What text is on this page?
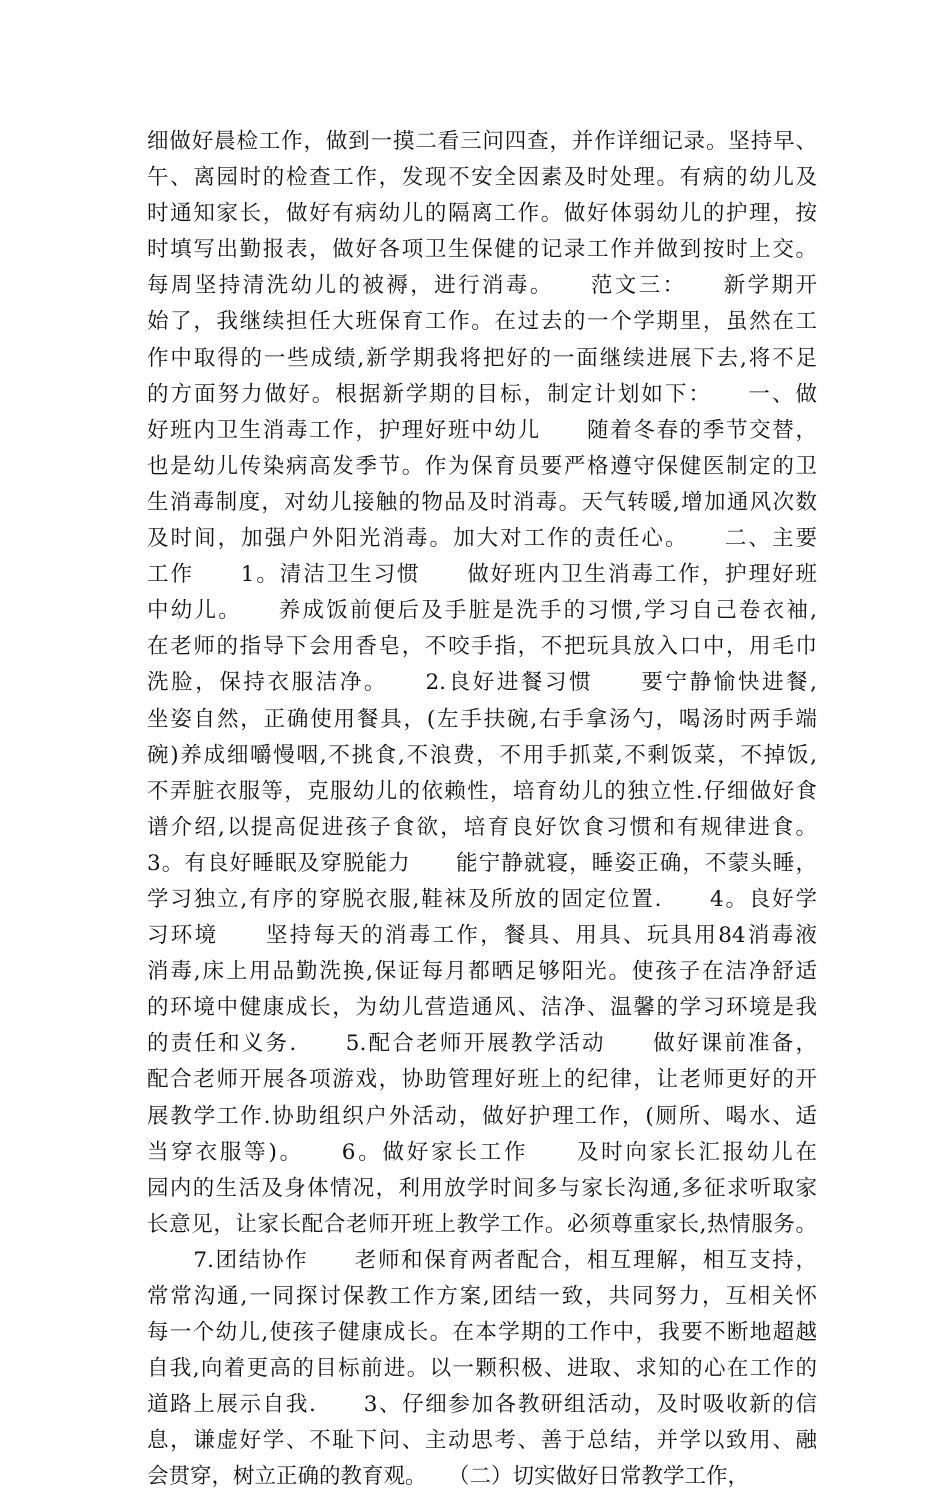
细做好晨检工作，做到一摸二看三问四查，并作详细记录。坚持早、
午、离园时的检查工作，发现不安全因素及时处理。有病的幼儿及
时通知家长，做好有病幼儿的隔离工作。做好体弱幼儿的护理，按
时填写出勤报表，做好各项卫生保健的记录工作并做到按时上交。
每周坚持清洗幼儿的被褥，进行消毒。　　范文三：　　新学期开
始了，我继续担任大班保育工作。在过去的一个学期里，虽然在工
作中取得的一些成绩,新学期我将把好的一面继续进展下去,将不足
的方面努力做好。根据新学期的目标，制定计划如下：　　一、做
好班内卫生消毒工作，护理好班中幼儿　　随着冬春的季节交替，
也是幼儿传染病高发季节。作为保育员要严格遵守保健医制定的卫
生消毒制度，对幼儿接触的物品及时消毒。天气转暖,增加通风次数
及时间，加强户外阳光消毒。加大对工作的责任心。　　二、主要
工作　　1。清洁卫生习惯　　做好班内卫生消毒工作，护理好班
中幼儿。　　养成饭前便后及手脏是洗手的习惯,学习自己卷衣袖,
在老师的指导下会用香皂，不咬手指，不把玩具放入口中，用毛巾
洗脸，保持衣服洁净。　　2.良好进餐习惯　　要宁静愉快进餐,
坐姿自然，正确使用餐具，(左手扶碗,右手拿汤勺，喝汤时两手端
碗)养成细嚼慢咽,不挑食,不浪费，不用手抓菜,不剩饭菜，不掉饭,
不弄脏衣服等，克服幼儿的依赖性，培育幼儿的独立性.仔细做好食
谱介绍,以提高促进孩子食欲，培育良好饮食习惯和有规律进食。
3。有良好睡眠及穿脱能力　　能宁静就寝，睡姿正确，不蒙头睡，
学习独立,有序的穿脱衣服,鞋袜及所放的固定位置.　　4。良好学
习环境　　坚持每天的消毒工作，餐具、用具、玩具用84消毒液
消毒,床上用品勤洗换,保证每月都晒足够阳光。使孩子在洁净舒适
的环境中健康成长，为幼儿营造通风、洁净、温馨的学习环境是我
的责任和义务.　　5.配合老师开展教学活动　　做好课前准备，
配合老师开展各项游戏，协助管理好班上的纪律，让老师更好的开
展教学工作.协助组织户外活动，做好护理工作，(厕所、喝水、适
当穿衣服等)。　　6。做好家长工作　　及时向家长汇报幼儿在
园内的生活及身体情况，利用放学时间多与家长沟通,多征求听取家
长意见，让家长配合老师开班上教学工作。必须尊重家长,热情服务。
　　7.团结协作　　老师和保育两者配合，相互理解，相互支持，
常常沟通,一同探讨保教工作方案,团结一致，共同努力，互相关怀
每一个幼儿,使孩子健康成长。在本学期的工作中，我要不断地超越
自我,向着更高的目标前进。以一颗积极、进取、求知的心在工作的
道路上展示自我.　　3、仔细参加各教研组活动，及时吸收新的信
息，谦虚好学、不耻下问、主动思考、善于总结，并学以致用、融
会贯穿，树立正确的教育观。　　（二）切实做好日常教学工作，
